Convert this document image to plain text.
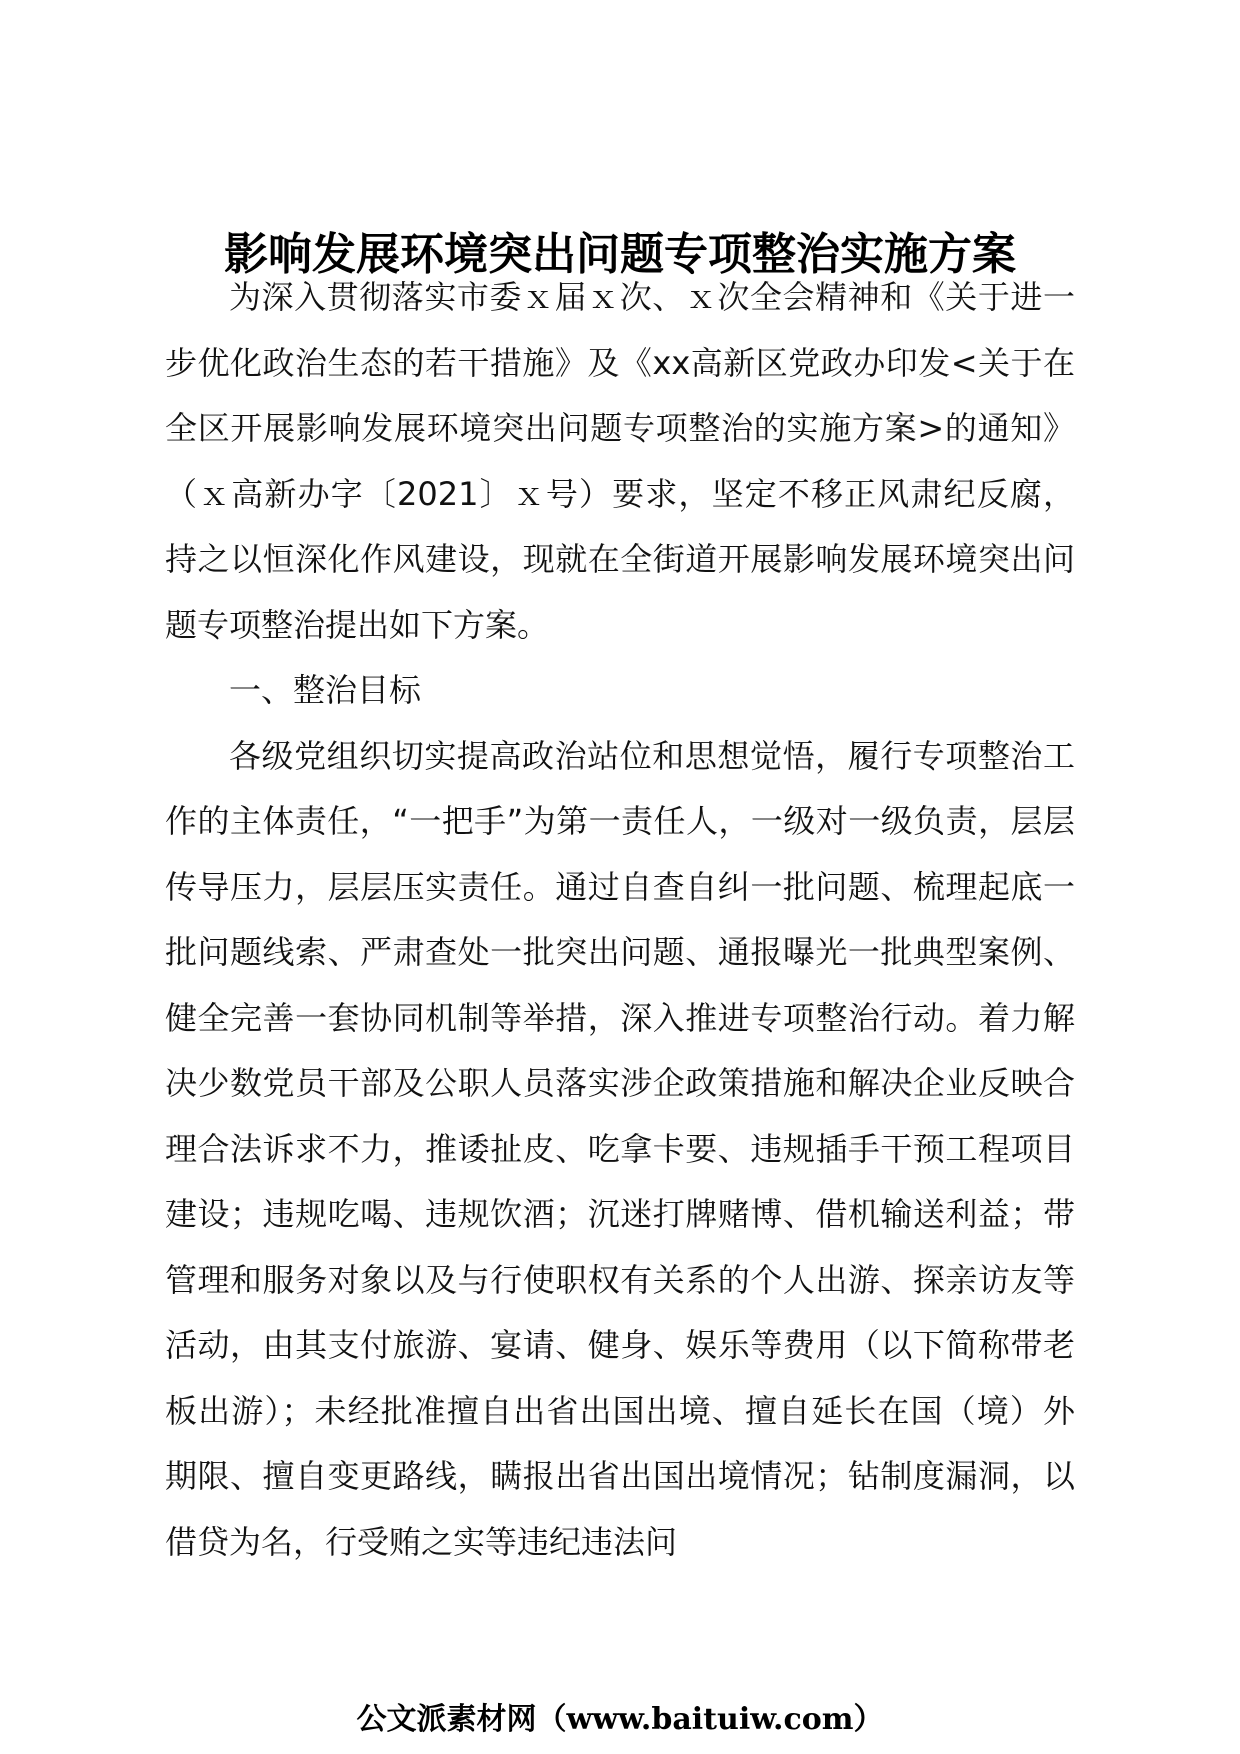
影响发展环境突出问题专项整治实施方案

为深入贯彻落实市委ｘ届ｘ次、ｘ次全会精神和《关于进一步优化政治生态的若干措施》及《xx高新区党政办印发<关于在全区开展影响发展环境突出问题专项整治的实施方案>的通知》（ｘ高新办字〔2021〕ｘ号）要求，坚定不移正风肃纪反腐，持之以恒深化作风建设，现就在全街道开展影响发展环境突出问题专项整治提出如下方案。

一、整治目标

各级党组织切实提高政治站位和思想觉悟，履行专项整治工作的主体责任，“一把手”为第一责任人，一级对一级负责，层层传导压力，层层压实责任。通过自查自纠一批问题、梳理起底一批问题线索、严肃查处一批突出问题、通报曝光一批典型案例、健全完善一套协同机制等举措，深入推进专项整治行动。着力解决少数党员干部及公职人员落实涉企政策措施和解决企业反映合理合法诉求不力，推诿扯皮、吃拿卡要、违规插手干预工程项目建设；违规吃喝、违规饮酒；沉迷打牌赌博、借机输送利益；带管理和服务对象以及与行使职权有关系的个人出游、探亲访友等活动，由其支付旅游、宴请、健身、娱乐等费用（以下简称带老板出游）；未经批准擅自出省出国出境、擅自延长在国（境）外期限、擅自变更路线，瞒报出省出国出境情况；钻制度漏洞，以借贷为名，行受贿之实等违纪违法问

公文派素材网（www.baituiw.com）
